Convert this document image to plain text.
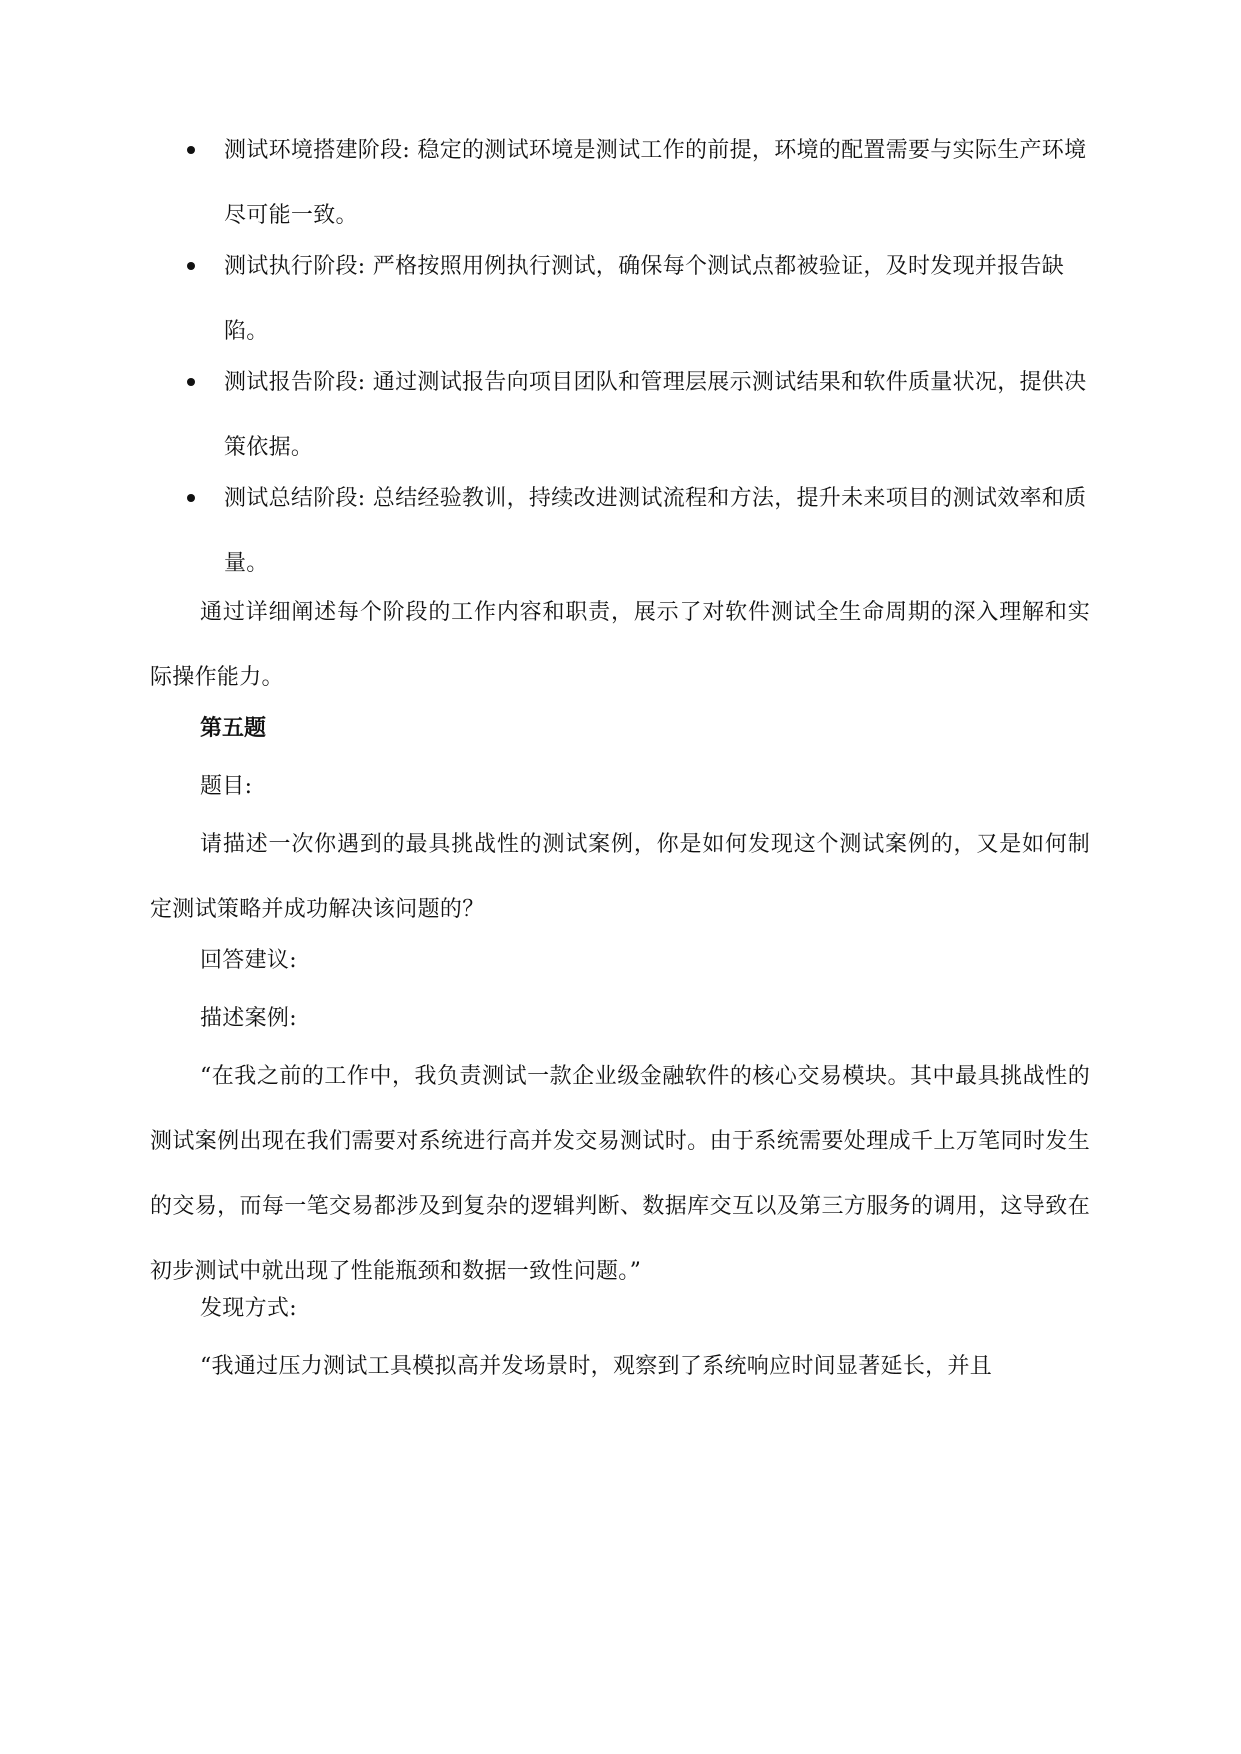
测试环境搭建阶段: 稳定的测试环境是测试工作的前提，环境的配置需要与实际生产环境尽可能一致。
测试执行阶段: 严格按照用例执行测试，确保每个测试点都被验证，及时发现并报告缺陷。
测试报告阶段: 通过测试报告向项目团队和管理层展示测试结果和软件质量状况，提供决策依据。
测试总结阶段: 总结经验教训，持续改进测试流程和方法，提升未来项目的测试效率和质量。
通过详细阐述每个阶段的工作内容和职责，展示了对软件测试全生命周期的深入理解和实际操作能力。
第五题
题目:
请描述一次你遇到的最具挑战性的测试案例，你是如何发现这个测试案例的，又是如何制定测试策略并成功解决该问题的？
回答建议:
描述案例:
“在我之前的工作中，我负责测试一款企业级金融软件的核心交易模块。其中最具挑战性的测试案例出现在我们需要对系统进行高并发交易测试时。由于系统需要处理成千上万笔同时发生的交易，而每一笔交易都涉及到复杂的逻辑判断、数据库交互以及第三方服务的调用，这导致在初步测试中就出现了性能瓶颈和数据一致性问题。”
发现方式:
“我通过压力测试工具模拟高并发场景时，观察到了系统响应时间显著延长，并且
